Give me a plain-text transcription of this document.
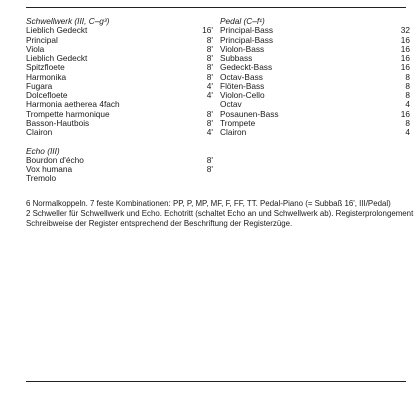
Schwellwerk (III, C–g³)
Lieblich Gedeckt	16'
Principal	8'
Viola	8'
Lieblich Gedeckt	8'
Spitzfloete	8'
Harmonika	8'
Fugara	4'
Dolcefloete	4'
Harmonia aetherea 4fach
Trompette harmonique	8'
Basson-Hautbois	8'
Clairon	4'
Echo (III)
Bourdon d'écho	8'
Vox humana	8'
Tremolo
Pedal (C–f¹)
Principal-Bass	32
Principal-Bass	16
Violon-Bass	16
Subbass	16
Gedeckt-Bass	16
Octav-Bass	8
Flöten-Bass	8
Violon-Cello	8
Octav	4
Posaunen-Bass	16
Trompete	8
Clairon	4

6 Normalkoppeln. 7 feste Kombinationen: PP, P, MP, MF, F, FF, TT. Pedal-Piano (= Subbaß 16', III/Pedal)

2 Schweller für Schwellwerk und Echo. Echotritt (schaltet Echo an und Schwellwerk ab). Registerprolongement

Schreibweise der Register entsprechend der Beschriftung der Registerzüge.
